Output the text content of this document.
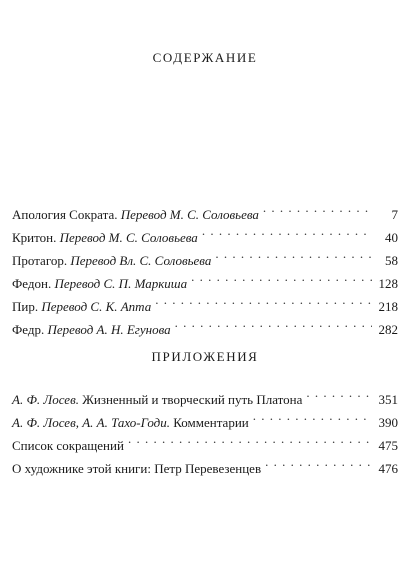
СОДЕРЖАНИЕ
Апология Сократа. Перевод М. С. Соловьева . . .	7
Критон. Перевод М. С. Соловьева . . .	40
Протагор. Перевод Вл. С. Соловьева . . .	58
Федон. Перевод С. П. Маркиша . . .	128
Пир. Перевод С. К. Апта . . .	218
Федр. Перевод А. Н. Егунова . . .	282
ПРИЛОЖЕНИЯ
А. Ф. Лосев. Жизненный и творческий путь Платона . . .	351
А. Ф. Лосев, А. А. Тахо-Годи. Комментарии . . .	390
Список сокращений . . .	475
О художнике этой книги: Петр Перевезенцев . . .	476
